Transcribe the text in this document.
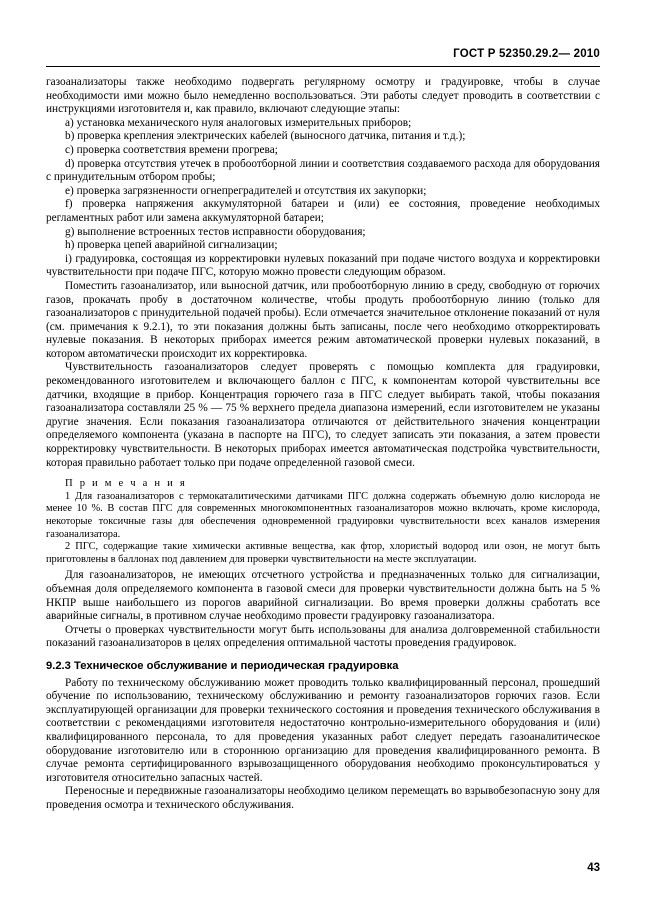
ГОСТ Р 52350.29.2— 2010

газоанализаторы также необходимо подвергать регулярному осмотру и градуировке, чтобы в случае необходимости ими можно было немедленно воспользоваться. Эти работы следует проводить в соответствии с инструкциями изготовителя и, как правило, включают следующие этапы:

a) установка механического нуля аналоговых измерительных приборов;

b) проверка крепления электрических кабелей (выносного датчика, питания и т.д.);

c) проверка соответствия времени прогрева;

d) проверка отсутствия утечек в пробоотборной линии и соответствия создаваемого расхода для оборудования с принудительным отбором пробы;

e) проверка загрязненности огнепреградителей и отсутствия их закупорки;

f) проверка напряжения аккумуляторной батареи и (или) ее состояния, проведение необходимых регламентных работ или замена аккумуляторной батареи;

g) выполнение встроенных тестов исправности оборудования;

h) проверка цепей аварийной сигнализации;

i) градуировка, состоящая из корректировки нулевых показаний при подаче чистого воздуха и корректировки чувствительности при подаче ПГС, которую можно провести следующим образом.

Поместить газоанализатор, или выносной датчик, или пробоотборную линию в среду, свободную от горючих газов, прокачать пробу в достаточном количестве, чтобы продуть пробоотборную линию (только для газоанализаторов с принудительной подачей пробы). Если отмечается значительное отклонение показаний от нуля (см. примечания к 9.2.1), то эти показания должны быть записаны, после чего необходимо откорректировать нулевые показания. В некоторых приборах имеется режим автоматической проверки нулевых показаний, в котором автоматически происходит их корректировка.

Чувствительность газоанализаторов следует проверять с помощью комплекта для градуировки, рекомендованного изготовителем и включающего баллон с ПГС, к компонентам которой чувствительны все датчики, входящие в прибор. Концентрация горючего газа в ПГС следует выбирать такой, чтобы показания газоанализатора составляли 25 % — 75 % верхнего предела диапазона измерений, если изготовителем не указаны другие значения. Если показания газоанализатора отличаются от действительного значения концентрации определяемого компонента (указана в паспорте на ПГС), то следует записать эти показания, а затем провести корректировку чувствительности. В некоторых приборах имеется автоматическая подстройка чувствительности, которая правильно работает только при подаче определенной газовой смеси.

П р и м е ч а н и я

1 Для газоанализаторов с термокаталитическими датчиками ПГС должна содержать объемную долю кислорода не менее 10 %. В состав ПГС для современных многокомпонентных газоанализаторов можно включать, кроме кислорода, некоторые токсичные газы для обеспечения одновременной градуировки чувствительности всех каналов измерения газоанализатора.

2 ПГС, содержащие такие химически активные вещества, как фтор, хлористый водород или озон, не могут быть приготовлены в баллонах под давлением для проверки чувствительности на месте эксплуатации.

Для газоанализаторов, не имеющих отсчетного устройства и предназначенных только для сигнализации, объемная доля определяемого компонента в газовой смеси для проверки чувствительности должна быть на 5 % НКПР выше наибольшего из порогов аварийной сигнализации. Во время проверки должны сработать все аварийные сигналы, в противном случае необходимо провести градуировку газоанализатора.

Отчеты о проверках чувствительности могут быть использованы для анализа долговременной стабильности показаний газоанализаторов в целях определения оптимальной частоты проведения градуировок.

9.2.3 Техническое обслуживание и периодическая градуировка

Работу по техническому обслуживанию может проводить только квалифицированный персонал, прошедший обучение по использованию, техническому обслуживанию и ремонту газоанализаторов горючих газов. Если эксплуатирующей организации для проверки технического состояния и проведения технического обслуживания в соответствии с рекомендациями изготовителя недостаточно контрольно-измерительного оборудования и (или) квалифицированного персонала, то для проведения указанных работ следует передать газоаналитическое оборудование изготовителю или в стороннюю организацию для проведения квалифицированного ремонта. В случае ремонта сертифицированного взрывозащищенного оборудования необходимо проконсультироваться у изготовителя относительно запасных частей.

Переносные и передвижные газоанализаторы необходимо целиком перемещать во взрывобезопасную зону для проведения осмотра и технического обслуживания.

43
